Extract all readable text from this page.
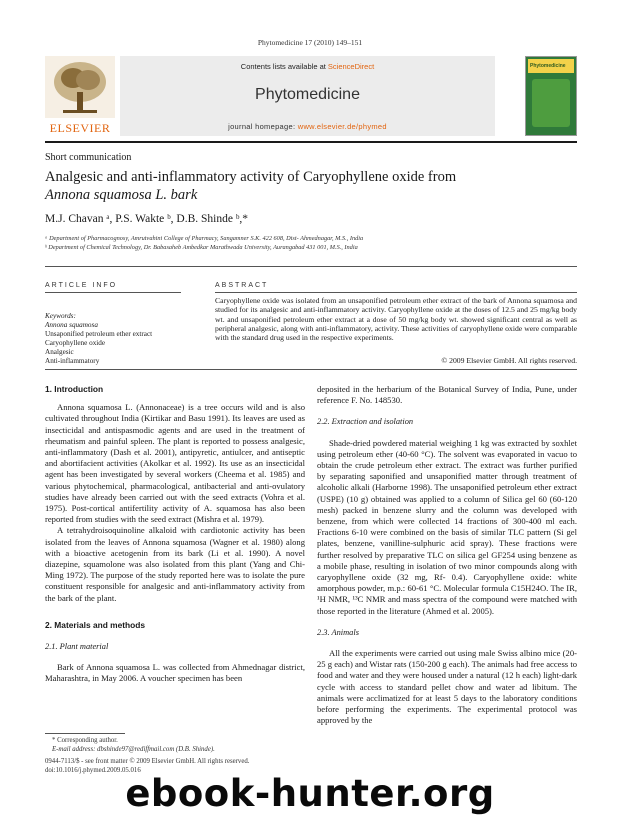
Phytomedicine 17 (2010) 149–151
ELSEVIER
Contents lists available at ScienceDirect
Phytomedicine
journal homepage: www.elsevier.de/phymed
Phytomedicine
Short communication
Analgesic and anti-inflammatory activity of Caryophyllene oxide from
Annona squamosa L. bark
M.J. Chavan ᵃ, P.S. Wakte ᵇ, D.B. Shinde ᵇ,*
ᵃ Department of Pharmacognosy, Amrutvahini College of Pharmacy, Sangamner S.K. 422 608, Dist- Ahmednagar, M.S., India
ᵇ Department of Chemical Technology, Dr. Babasaheb Ambedkar Marathwada University, Aurangabad 431 001, M.S., India
ARTICLE INFO	ABSTRACT
Keywords:
Annona squamosa
Unsaponified petroleum ether extract
Caryophyllene oxide
Analgesic
Anti-inflammatory
Caryophyllene oxide was isolated from an unsaponified petroleum ether extract of the bark of Annona squamosa and studied for its analgesic and anti-inflammatory activity. Caryophyllene oxide at the doses of 12.5 and 25 mg/kg body wt. and unsaponified petroleum ether extract at a dose of 50 mg/kg body wt. showed significant central as well as peripheral analgesic, along with anti-inflammatory, activity. These activities of caryophyllene oxide were comparable with the standard drug used in the respective experiments.
© 2009 Elsevier GmbH. All rights reserved.

1. Introduction

Annona squamosa L. (Annonaceae) is a tree occurs wild and is also cultivated throughout India (Kirtikar and Basu 1991). Its leaves are used as insecticidal and antispasmodic agents and are used in the treatment of rheumatism and painful spleen. The plant is reported to possess analgesic, anti-inflammatory (Dash et al. 2001), antipyretic, antiulcer, and antiseptic and abortifacient activities (Akolkar et al. 1992). Its use as an insecticidal agent has been investigated by several workers (Cheema et al. 1985) and various phytochemical, pharmacological, antibacterial and anti-ovulatory studies have already been carried out with the seed extracts (Vohra et al. 1975). Post-cortical antifertility activity of A. squamosa has also been reported from studies with the seed extract (Mishra et al. 1979).

A tetrahydroisoquinoline alkaloid with cardiotonic activity has been isolated from the leaves of Annona squamosa (Wagner et al. 1980) along with a bioactive acetogenin from its bark (Li et al. 1990). A novel diazepine, squamolone was also isolated from this plant (Yang and Chi-Ming 1972). The purpose of the study reported here was to isolate the pure constituent responsible for analgesic and anti-inflammatory activity from the bark of the plant.

2. Materials and methods

2.1. Plant material

Bark of Annona squamosa L. was collected from Ahmednagar district, Maharashtra, in May 2006. A voucher specimen has been

deposited in the herbarium of the Botanical Survey of India, Pune, under reference F. No. 148530.

2.2. Extraction and isolation

Shade-dried powdered material weighing 1 kg was extracted by soxhlet using petroleum ether (40-60 °C). The solvent was evaporated in vacuo to obtain the crude petroleum ether extract. The extract was further purified by separating saponified and unsaponified matter through treatment of alcoholic alkali (Harborne 1998). The unsaponified petroleum ether extract (USPE) (10 g) obtained was applied to a column of Silica gel 60 (60-120 mesh) packed in benzene slurry and the column was developed with benzene, from which were collected 14 fractions of 300-400 ml each. Fractions 6-10 were combined on the basis of similar TLC pattern (Si gel plates, benzene, vanilline-sulphuric acid spray). These fractions were further resolved by preparative TLC on silica gel GF254 using benzene as a mobile phase, resulting in isolation of two minor compounds along with caryophyllene oxide (32 mg, Rf- 0.4). Caryophyllene oxide: white amorphous powder, m.p.: 60-61 °C. Molecular formula C15H24O. The IR, ¹H NMR, ¹³C NMR and mass spectra of the compound were matched with those reported in the literature (Ahmed et al. 2005).

2.3. Animals

All the experiments were carried out using male Swiss albino mice (20-25 g each) and Wistar rats (150-200 g each). The animals had free access to food and water and they were housed under a natural (12 h each) light-dark cycle with access to standard pellet chow and water ad libitum. The animals were acclimatized for at least 5 days to the laboratory conditions before performing the experiments. The experimental protocol was approved by the

* Corresponding author.
E-mail address: dbshinde97@rediffmail.com (D.B. Shinde).
0944-7113/$ - see front matter © 2009 Elsevier GmbH. All rights reserved.
doi:10.1016/j.phymed.2009.05.016
ebook-hunter.org
